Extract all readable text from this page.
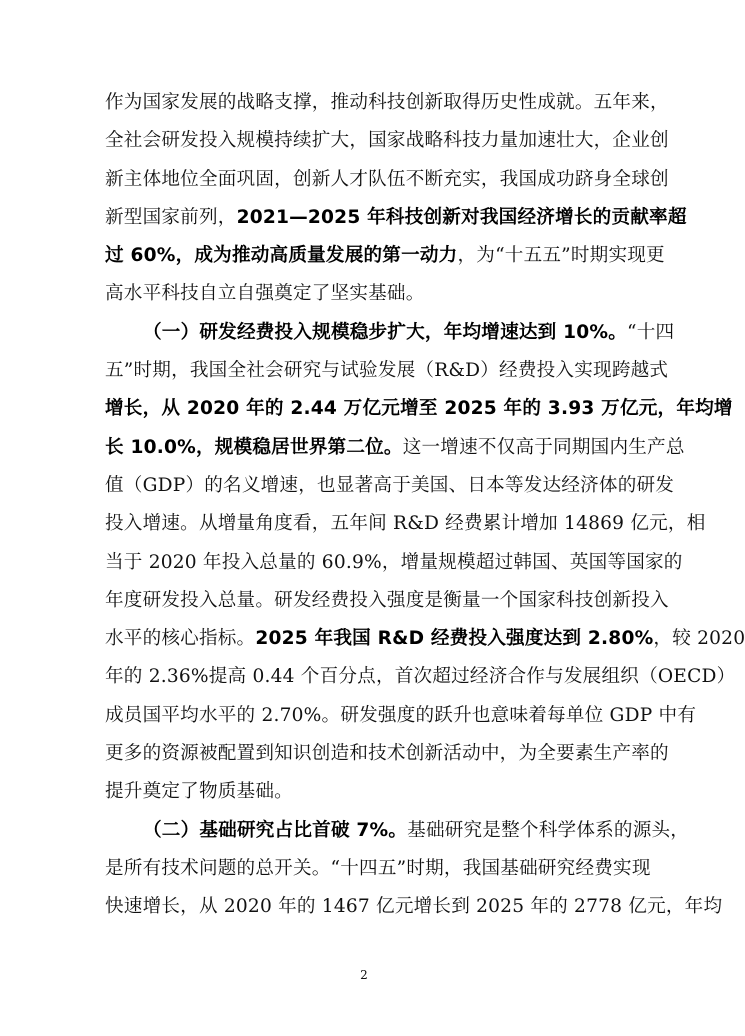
作为国家发展的战略支撑，推动科技创新取得历史性成就。五年来，
全社会研发投入规模持续扩大，国家战略科技力量加速壮大，企业创
新主体地位全面巩固，创新人才队伍不断充实，我国成功跻身全球创
新型国家前列，2021—2025 年科技创新对我国经济增长的贡献率超
过 60%，成为推动高质量发展的第一动力，为“十五五”时期实现更
高水平科技自立自强奠定了坚实基础。
（一）研发经费投入规模稳步扩大，年均增速达到 10%。“十四
五”时期，我国全社会研究与试验发展（R&D）经费投入实现跨越式
增长，从 2020 年的 2.44 万亿元增至 2025 年的 3.93 万亿元，年均增
长 10.0%，规模稳居世界第二位。这一增速不仅高于同期国内生产总
值（GDP）的名义增速，也显著高于美国、日本等发达经济体的研发
投入增速。从增量角度看，五年间 R&D 经费累计增加 14869 亿元，相
当于 2020 年投入总量的 60.9%，增量规模超过韩国、英国等国家的
年度研发投入总量。研发经费投入强度是衡量一个国家科技创新投入
水平的核心指标。2025 年我国 R&D 经费投入强度达到 2.80%，较 2020
年的 2.36%提高 0.44 个百分点，首次超过经济合作与发展组织（OECD）
成员国平均水平的 2.70%。研发强度的跃升也意味着每单位 GDP 中有
更多的资源被配置到知识创造和技术创新活动中，为全要素生产率的
提升奠定了物质基础。
（二）基础研究占比首破 7%。基础研究是整个科学体系的源头，
是所有技术问题的总开关。“十四五”时期，我国基础研究经费实现
快速增长，从 2020 年的 1467 亿元增长到 2025 年的 2778 亿元，年均
2
